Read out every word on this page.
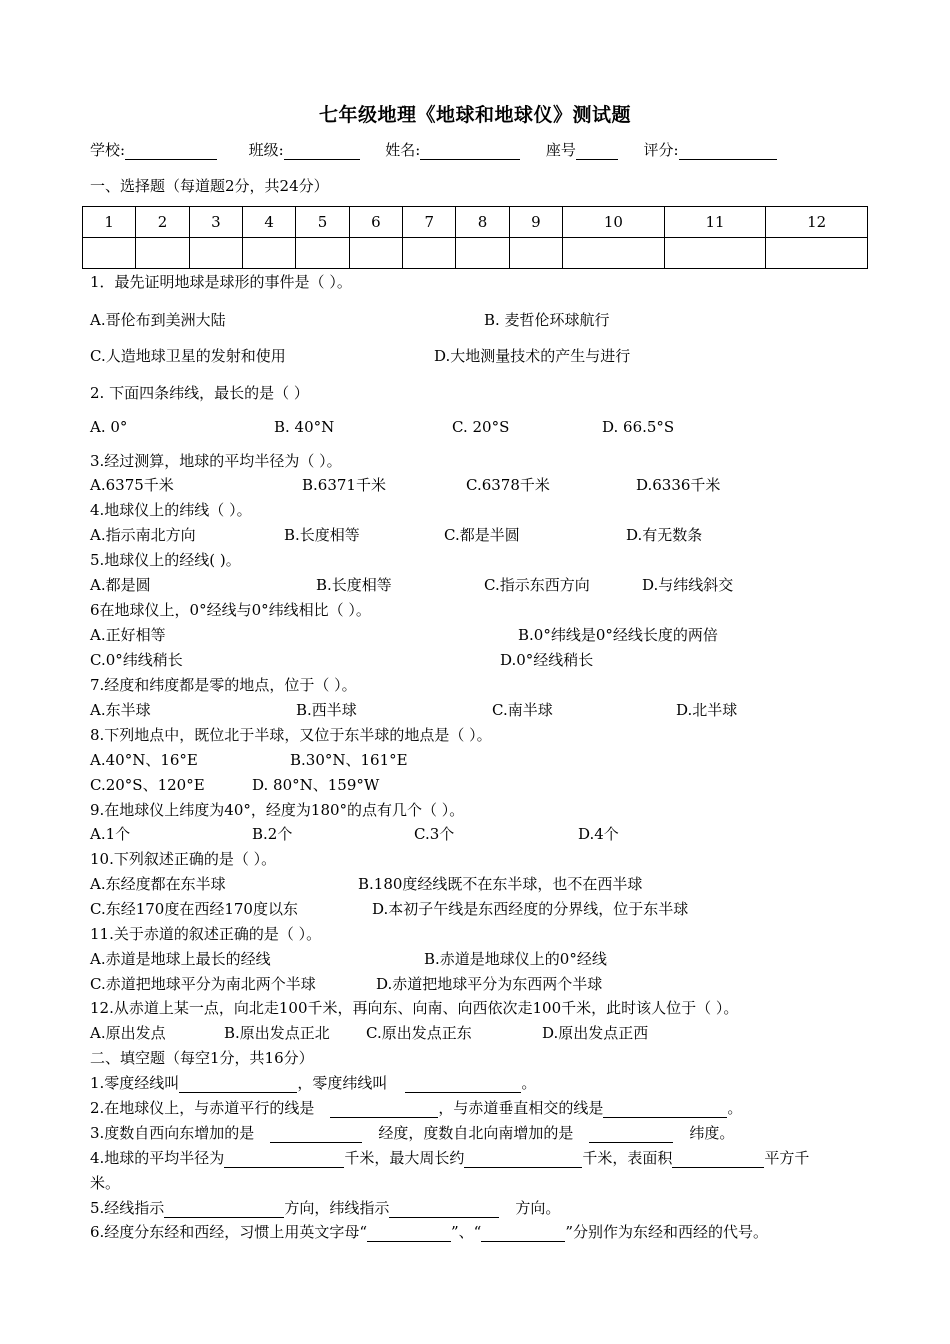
七年级地理《地球和地球仪》测试题
学校:	班级:	姓名:	座号	评分:
一、选择题（每道题2分，共24分）
1	2	3	4	5	6	7	8	9	10	11	12

1．最先证明地球是球形的事件是（ ）。
A.哥伦布到美洲大陆	B. 麦哲伦环球航行
C.人造地球卫星的发射和使用	D.大地测量技术的产生与进行
2. 下面四条纬线，最长的是（ ）
A. 0°	B. 40°N	C. 20°S	D. 66.5°S
3.经过测算，地球的平均半径为（ ）。
A.6375千米	B.6371千米	C.6378千米	D.6336千米
4.地球仪上的纬线（ ）。
A.指示南北方向	B.长度相等	C.都是半圆	D.有无数条
5.地球仪上的经线( )。
A.都是圆	B.长度相等	C.指示东西方向	D.与纬线斜交
6在地球仪上，0°经线与0°纬线相比（ ）。
A.正好相等	B.0°纬线是0°经线长度的两倍
C.0°纬线稍长	D.0°经线稍长
7.经度和纬度都是零的地点，位于（ ）。
A.东半球	B.西半球	C.南半球	D.北半球
8.下列地点中，既位北于半球，又位于东半球的地点是（ ）。
A.40°N、16°E	B.30°N、161°E
C.20°S、120°E	D. 80°N、159°W
9.在地球仪上纬度为40°，经度为180°的点有几个（ ）。
A.1个	B.2个	C.3个	D.4个
10.下列叙述正确的是（ ）。
A.东经度都在东半球	B.180度经线既不在东半球，也不在西半球
C.东经170度在西经170度以东	D.本初子午线是东西经度的分界线，位于东半球
11.关于赤道的叙述正确的是（ ）。
A.赤道是地球上最长的经线	B.赤道是地球仪上的0°经线
C.赤道把地球平分为南北两个半球	D.赤道把地球平分为东西两个半球
12.从赤道上某一点，向北走100千米，再向东、向南、向西依次走100千米，此时该人位于（ ）。
A.原出发点	B.原出发点正北 C.原出发点正东	D.原出发点正西
二、填空题（每空1分，共16分）
1.零度经线叫	，零度纬线叫	。
2.在地球仪上，与赤道平行的线是	，与赤道垂直相交的线是	。
3.度数自西向东增加的是	经度，度数自北向南增加的是	纬度。
4.地球的平均半径为	千米，最大周长约	千米，表面积	平方千
米。
5.经线指示	方向，纬线指示	方向。
6.经度分东经和西经，习惯上用英文字母“	”、“	”分别作为东经和西经的代号。
